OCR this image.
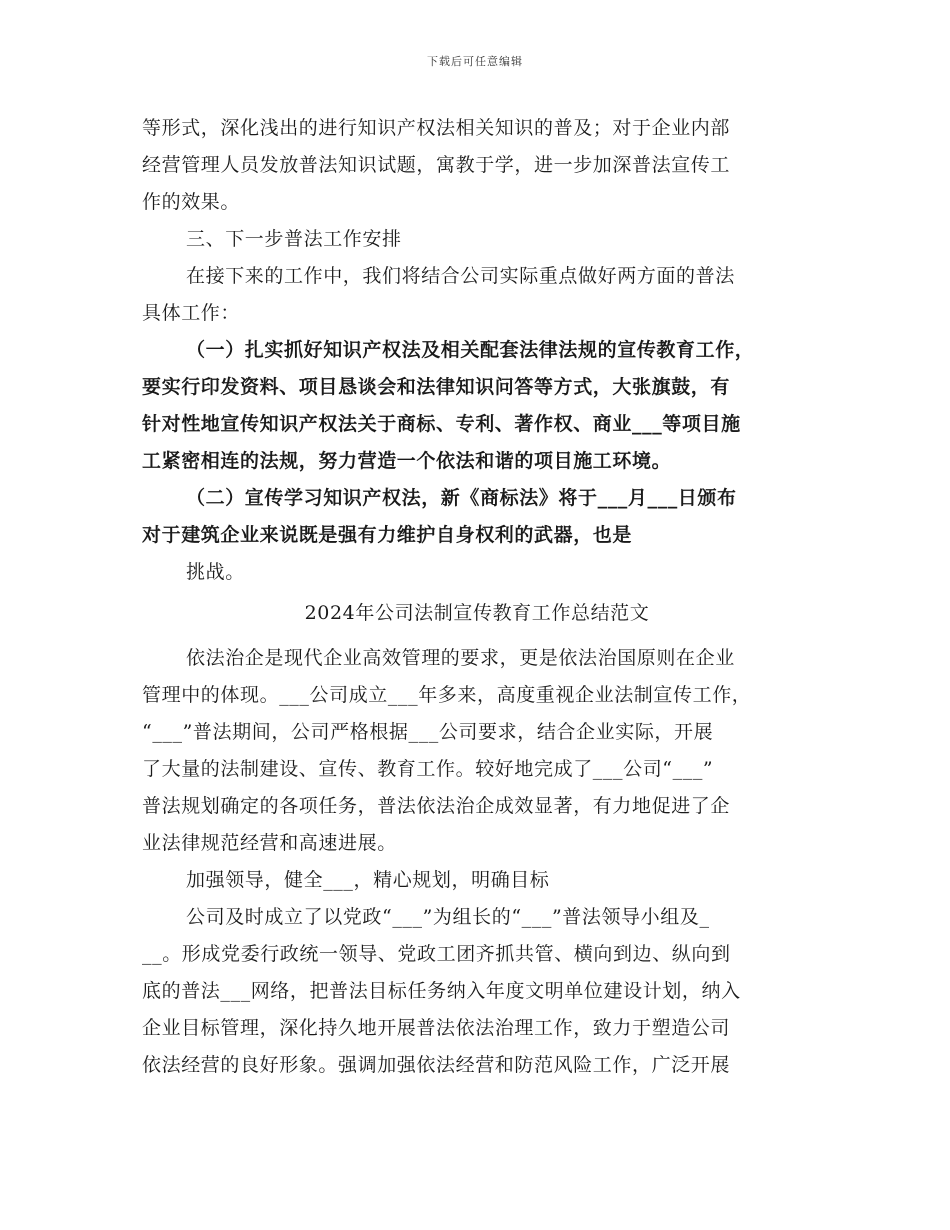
下载后可任意编辑
等形式，深化浅出的进行知识产权法相关知识的普及；对于企业内部
经营管理人员发放普法知识试题，寓教于学，进一步加深普法宣传工
作的效果。
三、下一步普法工作安排
在接下来的工作中，我们将结合公司实际重点做好两方面的普法
具体工作：
（一）扎实抓好知识产权法及相关配套法律法规的宣传教育工作，
要实行印发资料、项目恳谈会和法律知识问答等方式，大张旗鼓，有
针对性地宣传知识产权法关于商标、专利、著作权、商业___等项目施
工紧密相连的法规，努力营造一个依法和谐的项目施工环境。
（二）宣传学习知识产权法，新《商标法》将于___月___日颁布
对于建筑企业来说既是强有力维护自身权利的武器，也是
挑战。
2024年公司法制宣传教育工作总结范文
依法治企是现代企业高效管理的要求，更是依法治国原则在企业
管理中的体现。___公司成立___年多来，高度重视企业法制宣传工作，
“___”普法期间，公司严格根据___公司要求，结合企业实际，开展
了大量的法制建设、宣传、教育工作。较好地完成了___公司“___”
普法规划确定的各项任务，普法依法治企成效显著，有力地促进了企
业法律规范经营和高速进展。
加强领导，健全___，精心规划，明确目标
公司及时成立了以党政“___”为组长的“___”普法领导小组及_
__。形成党委行政统一领导、党政工团齐抓共管、横向到边、纵向到
底的普法___网络，把普法目标任务纳入年度文明单位建设计划，纳入
企业目标管理，深化持久地开展普法依法治理工作，致力于塑造公司
依法经营的良好形象。强调加强依法经营和防范风险工作，广泛开展
